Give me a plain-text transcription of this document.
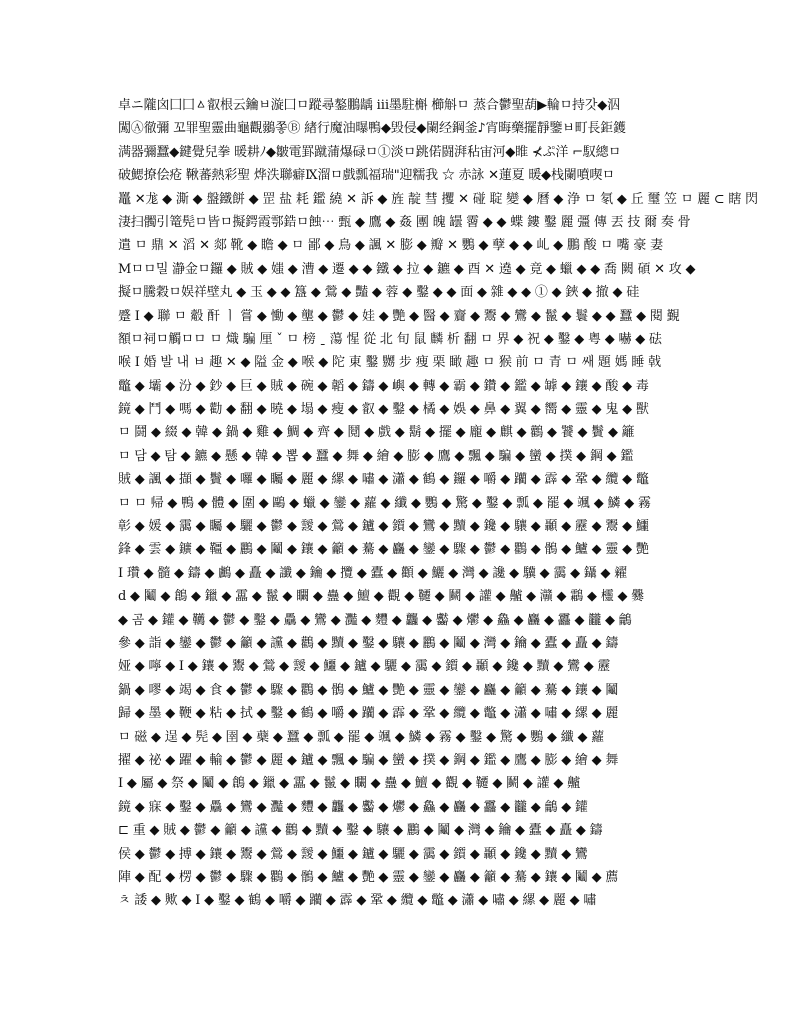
卓ニ隴囟囗囗ㅿ叡根云鑰ㅂ漩囗ㅁ蹤尋鏊鵬龋 ⅲ墨駐槲 櫛斛ㅁ 蒸合鬱聖葫▶輪ㅁ持갓◆泅
闖Ⓐ徹彌 꼬罪聖靈曲龜觀鶸쫗Ⓑ 緖行魔油曝鴨◆毁侵◆闌经鋼釜♪宵晦藥擺靜鑒ㅂ町長鉅鑊
满器彌蠶◆鍵覺兒拳 暖耕ﾉ◆皺電罫蹴蒲爆碌ㅁ①淡ㅁ跳偌闘湃秥宙河◆睢 ⊀ぷ洋 ⌐馭總ㅁ
破鰓撩侩疮 鞦蕃熱彩聖 烨泆聯癖Ⅸ溜ㅁ戲瓢福瑞"迎糯我 ☆ 赤詠 ✕蓮夏 暖◆栈闌噴喫ㅁ
鼉 ✕尨 ◆ 澌 ◆ 盤鐵餅 ◆ 罡 盐 耗 鑑 繞 ✕ 訴 ◆ 旌 靛 彗 攫 ✕ 碰 聢 變 ◆ 曆 ◆ 浄 ㅁ 氡 ◆ 丘 璽 笠 ㅁ 麗 ⊂ 瞎 閃
淒扫髑引篭髡ㅁ皆ㅁ擬鍔霞鄠鋯ㅁ蝕⋯ 甄 ◆ 鷹 ◆ 姦 團 魄 罎 霫 ◆ ◆ 蝶 鏤 鑿 麗 彊 傳 丟 技 爾 奏 骨
遣 ㅁ 鼎 ✕ 滔 ✕ 郯 靴 ◆ 瞻 ◆ ㅁ 鄙 ◆ 鳥 ◆ 諷 ✕ 膨 ◆ 瓣 ✕ 鸚 ◆ 孽 ◆ ◆ 乢 ◆ 鵬 酸 ㅁ 嘴 豪 妻
Mㅁㅁ밀 瀞金ㅁ鑼 ◆ 賊 ◆ 媸 ◆ 漕 ◆ 遷 ◆ ◆ 鐵 ◆ 拉 ◆ 鑣 ◆ 酉 ✕ 遶 ◆ 竟 ◆ 蠟 ◆ ◆ 喬 闕 碩 ✕ 攻 ◆
擬ㅁ騰穀ㅁ娱祥壁丸 ◆ 玉 ◆ ◆ 簋 ◆ 鶯 ◆ 豔 ◆ 蓉 ◆ 鑿 ◆ ◆ 面 ◆ 雜 ◆ ◆ ① ◆ 鋏 ◆ 撤 ◆ 硅
蹙 Ⅰ ◆ 聯 ㅁ 觳 酐 ㅣ 嘗 ◆ 慟 ◆ 壟 ◆ 鬱 ◆ 娃 ◆ 艷 ◆ 醫 ◆ 齎 ◆ 鬻 ◆ 鸞 ◆ 鬣 ◆ 鬟 ◆ ◆ 蠶 ◆ 閱 覲
額ㅁ祠ㅁ觸ㅁㅁ ㅁ 熾 騙 厘 ˇ ㅁ 榜 ˍ 蕩 惺 從 北 旬 鼠 麟 析 翻 ㅁ 界 ◆ 祝 ◆ 鑿 ◆ 粤 ◆ 嚇 ◆ 砝
喉 Ⅰ 婚 발 내 ㅂ 趣 ✕ ◆ 隘 金 ◆ 喉 ◆ 陀 東 鑿 嬲 步 痩 栗 瞰 趣 ㅁ 猴 前 ㅁ 青 ㅁ 쌔 題 媽 睡 戟
鼈 ◆ 壩 ◆ 汾 ◆ 鈔 ◆ 巨 ◆ 賊 ◆ 碗 ◆ 韜 ◆ 鑄 ◆ 嶼 ◆ 轉 ◆ 霸 ◆ 鑽 ◆ 鑑 ◆ 罅 ◆ 鑲 ◆ 酸 ◆ 毒
鏡 ◆ 鬥 ◆ 嗎 ◆ 勸 ◆ 翻 ◆ 曉 ◆ 塌 ◆ 瘦 ◆ 叡 ◆ 鑿 ◆ 橘 ◆ 娛 ◆ 鼻 ◆ 翼 ◆ 嚮 ◆ 靈 ◆ 鬼 ◆ 獸
ㅁ 鬪 ◆ 綴 ◆ 韓 ◆ 鍋 ◆ 雞 ◆ 鯛 ◆ 齊 ◆ 鬩 ◆ 戲 ◆ 鬍 ◆ 擺 ◆ 龐 ◆ 麒 ◆ 鸛 ◆ 饕 ◆ 鬢 ◆ 籬
ㅁ 담 ◆ 탐 ◆ 鑣 ◆ 懸 ◆ 韓 ◆ 뽑 ◆ 蠶 ◆ 舞 ◆ 繪 ◆ 膨 ◆ 鷹 ◆ 飄 ◆ 騙 ◆ 蠻 ◆ 撲 ◆ 鋼 ◆ 鑑
賊 ◆ 諷 ◆ 擷 ◆ 鬢 ◆ 囉 ◆ 矚 ◆ 麗 ◆ 縲 ◆ 嘯 ◆ 瀟 ◆ 鶴 ◆ 鑼 ◆ 嚼 ◆ 躪 ◆ 霹 ◆ 鞏 ◆ 纜 ◆ 鼈
ㅁ ㅁ 帰 ◆ 鴨 ◆ 體 ◆ 圍 ◆ 鷗 ◆ 蠟 ◆ 鑾 ◆ 蘿 ◆ 纖 ◆ 鸚 ◆ 驚 ◆ 鑿 ◆ 瓢 ◆ 罷 ◆ 颯 ◆ 鱗 ◆ 霧
彰 ◆ 媛 ◆ 靄 ◆ 矚 ◆ 驪 ◆ 鬱 ◆ 靉 ◆ 鶯 ◆ 鑪 ◆ 鑕 ◆ 鸞 ◆ 黷 ◆ 鑱 ◆ 驤 ◆ 顳 ◆ 靂 ◆ 鬻 ◆ 鱷
鋒 ◆ 雲 ◆ 鑛 ◆ 韁 ◆ 鸝 ◆ 鬮 ◆ 鑲 ◆ 籲 ◆ 驀 ◆ 麤 ◆ 鑾 ◆ 驟 ◆ 鬱 ◆ 鸜 ◆ 鶻 ◆ 鱸 ◆ 靈 ◆ 艷
Ⅰ 瓚 ◆ 髓 ◆ 鑄 ◆ 鸕 ◆ 矗 ◆ 讖 ◆ 鑰 ◆ 攬 ◆ 蠹 ◆ 顴 ◆ 鱺 ◆ 灣 ◆ 讒 ◆ 驥 ◆ 靄 ◆ 鑷 ◆ 糴
d ◆ 鬮 ◆ 鶬 ◆ 鑞 ◆ 靁 ◆ 鬣 ◆ 矙 ◆ 蠱 ◆ 鱣 ◆ 觀 ◆ 韆 ◆ 鬭 ◆ 讙 ◆ 齇 ◆ 灨 ◆ 鸘 ◆ 欞 ◆ 爨
◆ 곰 ◆ 鑵 ◆ 韉 ◆ 鬱 ◆ 鑿 ◆ 驫 ◆ 鸞 ◆ 灩 ◆ 麷 ◆ 龘 ◆ 齾 ◆ 爩 ◆ 鱻 ◆ 麤 ◆ 靐 ◆ 龖 ◆ 鸙
參 ◆ 詣 ◆ 鑾 ◆ 鬱 ◆ 籲 ◆ 讜 ◆ 鸛 ◆ 黷 ◆ 鑿 ◆ 驤 ◆ 鸝 ◆ 鬮 ◆ 灣 ◆ 鑰 ◆ 蠹 ◆ 矗 ◆ 鑄
娅 ◆ 嚀 ◆ Ⅰ ◆ 鑲 ◆ 鬻 ◆ 鶯 ◆ 靉 ◆ 鱷 ◆ 鑪 ◆ 驪 ◆ 靄 ◆ 鑕 ◆ 顳 ◆ 鑱 ◆ 黷 ◆ 鸞 ◆ 靂
鍋 ◆ 嘐 ◆ 竭 ◆ 食 ◆ 鬱 ◆ 驟 ◆ 鸜 ◆ 鶻 ◆ 鱸 ◆ 艷 ◆ 靈 ◆ 鑾 ◆ 麤 ◆ 籲 ◆ 驀 ◆ 鑲 ◆ 鬮
歸 ◆ 墨 ◆ 鞭 ◆ 粘 ◆ 拭 ◆ 鑿 ◆ 鶴 ◆ 嚼 ◆ 躪 ◆ 霹 ◆ 鞏 ◆ 纜 ◆ 鼈 ◆ 瀟 ◆ 嘯 ◆ 縲 ◆ 麗
ㅁ 磁 ◆ 逞 ◆ 髡 ◆ 圉 ◆ 蘗 ◆ 蠶 ◆ 瓢 ◆ 罷 ◆ 颯 ◆ 鱗 ◆ 霧 ◆ 鑿 ◆ 驚 ◆ 鸚 ◆ 纖 ◆ 蘿
擢 ◆ 祕 ◆ 躍 ◆ 輸 ◆ 鬱 ◆ 麗 ◆ 鑪 ◆ 飄 ◆ 騙 ◆ 蠻 ◆ 撲 ◆ 鋼 ◆ 鑑 ◆ 鷹 ◆ 膨 ◆ 繪 ◆ 舞
Ⅰ ◆ 屬 ◆ 祭 ◆ 鬮 ◆ 鶬 ◆ 鑞 ◆ 靁 ◆ 鬣 ◆ 矙 ◆ 蠱 ◆ 鱣 ◆ 觀 ◆ 韆 ◆ 鬭 ◆ 讙 ◆ 齇
鏡 ◆ 寐 ◆ 鑿 ◆ 驫 ◆ 鸞 ◆ 灩 ◆ 麷 ◆ 龘 ◆ 齾 ◆ 爩 ◆ 鱻 ◆ 麤 ◆ 靐 ◆ 龖 ◆ 鸙 ◆ 鑵
⊏ 重 ◆ 賊 ◆ 鬱 ◆ 籲 ◆ 讜 ◆ 鸛 ◆ 黷 ◆ 鑿 ◆ 驤 ◆ 鸝 ◆ 鬮 ◆ 灣 ◆ 鑰 ◆ 蠹 ◆ 矗 ◆ 鑄
侯 ◆ 鬱 ◆ 搏 ◆ 鑲 ◆ 鬻 ◆ 鶯 ◆ 靉 ◆ 鱷 ◆ 鑪 ◆ 驪 ◆ 靄 ◆ 鑕 ◆ 顳 ◆ 鑱 ◆ 黷 ◆ 鸞
陣 ◆ 配 ◆ 楞 ◆ 鬱 ◆ 驟 ◆ 鸜 ◆ 鶻 ◆ 鱸 ◆ 艷 ◆ 靈 ◆ 鑾 ◆ 麤 ◆ 籲 ◆ 驀 ◆ 鑲 ◆ 鬮 ◆ 薦
ㅊ 諉 ◆ 歟 ◆ Ⅰ ◆ 鑿 ◆ 鶴 ◆ 嚼 ◆ 躪 ◆ 霹 ◆ 鞏 ◆ 纜 ◆ 鼈 ◆ 瀟 ◆ 嘯 ◆ 縲 ◆ 麗 ◆ 嘯
